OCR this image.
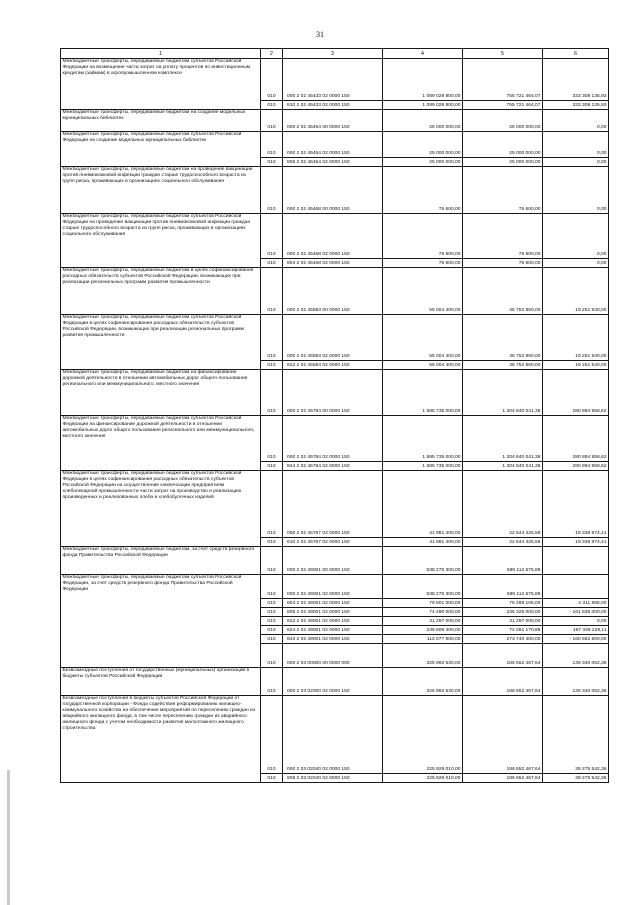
31
1	2	3	4	5	6

Межбюджетные трансферты, передаваемые бюджетам субъектов Российской Федерации на возмещение части затрат на уплату процентов по инвестиционным кредитам (займам) в агропромышленном комплексе	010	000 2 02 45433 02 0000 150	1 089 029 800,00	755 721 464,07	333 308 135,93
	010	810 2 02 45433 02 0000 150	1 089 029 800,00	755 721 464,07	333 308 135,93

Межбюджетные трансферты, передаваемые бюджетам на создание модельных муниципальных библиотек	010	000 2 02 45454 00 0000 150	25 000 000,00	25 000 000,00	0,00

Межбюджетные трансферты, передаваемые бюджетам субъектов Российской Федерации на создание модельных муниципальных библиотек	010	000 2 02 45454 02 0000 150	25 000 000,00	25 000 000,00	0,00
	010	806 2 02 45454 02 0000 150	25 000 000,00	25 000 000,00	0,00

Межбюджетные трансферты, передаваемые бюджетам на проведение вакцинации против пневмококковой инфекции граждан старше трудоспособного возраста из групп риска, проживающих в организациях социального обслуживания	010	000 2 02 45468 00 0000 150	75 600,00	75 600,00	0,00

Межбюджетные трансферты, передаваемые бюджетам субъектов Российской Федерации на проведение вакцинации против пневмококковой инфекции граждан старше трудоспособного возраста из групп риска, проживающих в организациях социального обслуживания	010	000 2 02 45468 02 0000 150	75 600,00	75 600,00	0,00
	010	804 2 02 45468 02 0000 150	75 600,00	75 600,00	0,00

Межбюджетные трансферты, передаваемые бюджетам в целях софинансирования расходных обязательств субъектов Российской Федерации, возникающих при реализации региональных программ развития промышленности	010	000 2 02 45593 00 0000 150	55 004 400,00	35 752 860,00	19 251 540,00

Межбюджетные трансферты, передаваемые бюджетам субъектов Российской Федерации в целях софинансирования расходных обязательств субъектов Российской Федерации, возникающих при реализации региональных программ развития промышленности	010	000 2 02 45593 02 0000 150	55 004 400,00	35 752 860,00	19 251 540,00
	010	822 2 02 45593 02 0000 150	55 004 400,00	35 752 860,00	19 251 540,00

Межбюджетные трансферты, передаваемые бюджетам на финансирование дорожной деятельности в отношении автомобильных дорог общего пользования регионального или межмуниципального, местного значения	010	000 2 02 45784 00 0000 150	1 585 735 000,00	1 304 840 041,38	280 894 958,62

Межбюджетные трансферты, передаваемые бюджетам субъектов Российской Федерации на финансирование дорожной деятельности в отношении автомобильных дорог общего пользования регионального или межмуниципального, местного значения	010	000 2 02 45784 02 0000 150	1 585 735 000,00	1 304 840 041,38	280 894 958,62
	010	844 2 02 45784 02 0000 150	1 585 735 000,00	1 304 840 041,38	280 894 958,62

Межбюджетные трансферты, передаваемые бюджетам субъектов Российской Федерации в целях софинансирования расходных обязательств субъектов Российской Федерации на осуществление компенсации предприятиям хлебопекарной промышленности части затрат на производство и реализацию произведенных и реализованных хлеба и хлебобулочных изделий	010	000 2 02 45767 02 0000 150	41 981 400,00	22 644 425,59	19 336 974,41
	010	810 2 02 45767 02 0000 150	41 981 400,00	22 644 425,59	19 336 974,41

Межбюджетные трансферты, передаваемые бюджетам, за счет средств резервного фонда Правительства Российской Федерации	010	000 2 02 49001 00 0000 150	538 275 300,00	689 112 675,89	

Межбюджетные трансферты, передаваемые бюджетам субъектов Российской Федерации, за счет средств резервного фонда Правительства Российской Федерации	010	000 2 02 49001 02 0000 150	538 275 300,00	689 112 675,89	
	010	804 2 02 49001 02 0000 150	79 801 000,00	75 489 105,00	4 311 895,00
	010	805 2 02 49001 02 0000 150	74 490 000,00	236 325 000,00	- 161 835 000,00
	010	822 2 02 49001 02 0000 150	31 297 000,00	31 297 000,00	0,00
	010	824 2 02 49001 02 0000 150	239 609 400,00	72 261 170,89	167 348 229,11
	010	843 2 02 49001 02 0000 150	113 077 900,00	273 740 400,00	- 160 662 500,00
	010	000 2 03 00000 00 0000 000	325 992 530,00	186 652 467,64	139 340 062,36

Безвозмездные поступления от государственных (муниципальных) организаций в бюджеты субъектов Российской Федерации	010	000 2 03 02000 02 0000 150	325 992 530,00	186 652 467,64	139 340 062,36

Безвозмездные поступления в бюджеты субъектов Российской Федерации от государственной корпорации - Фонда содействия реформированию жилищно-коммунального хозяйства на обеспечение мероприятий по переселению граждан из аварийного жилищного фонда, в том числе переселению граждан из аварийного жилищного фонда с учетом необходимости развития малоэтажного жилищного строительства	010	000 2 03 02040 02 0000 150	225 929 010,00	186 652 467,64	39 275 542,36
	010	808 2 03 02040 02 0000 150	225 929 010,00	186 652 467,64	39 275 542,36
